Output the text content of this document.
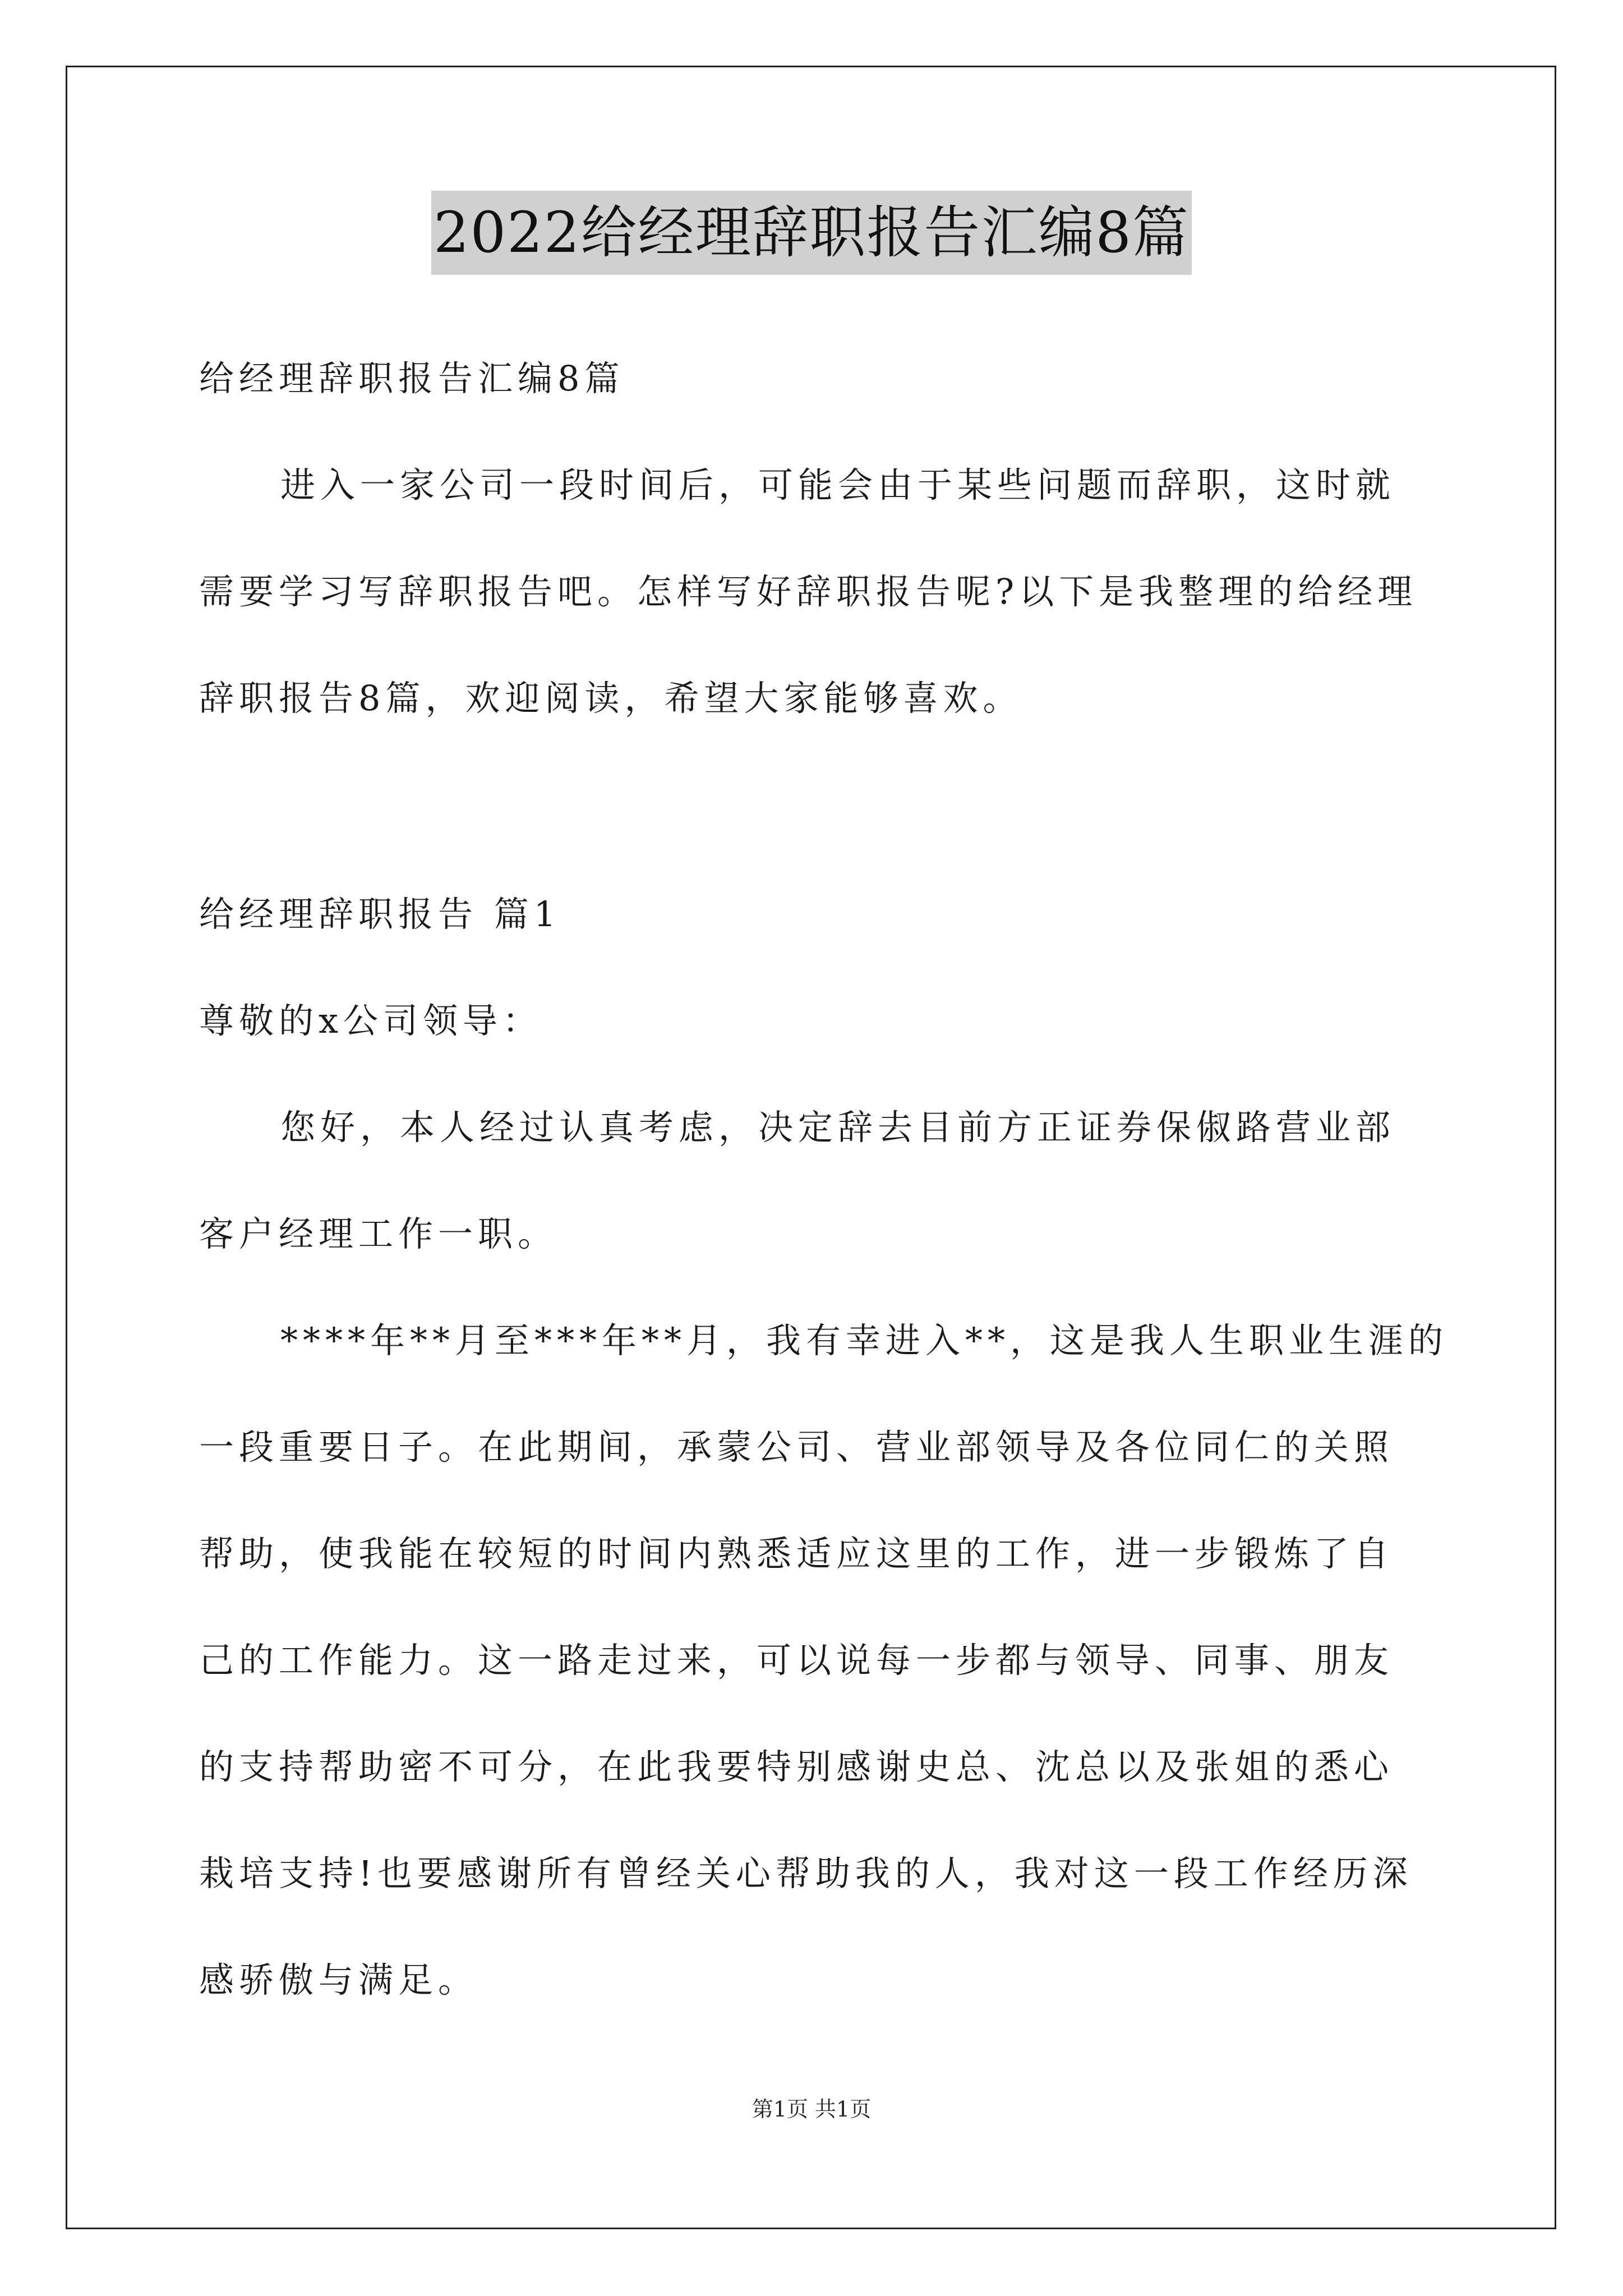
2022给经理辞职报告汇编8篇
给经理辞职报告汇编8篇
进入一家公司一段时间后，可能会由于某些问题而辞职，这时就
需要学习写辞职报告吧。怎样写好辞职报告呢?以下是我整理的给经理
辞职报告8篇，欢迎阅读，希望大家能够喜欢。
给经理辞职报告 篇1
尊敬的x公司领导：
您好，本人经过认真考虑，决定辞去目前方正证券保俶路营业部
客户经理工作一职。
****年**月至***年**月，我有幸进入**，这是我人生职业生涯的
一段重要日子。在此期间，承蒙公司、营业部领导及各位同仁的关照
帮助，使我能在较短的时间内熟悉适应这里的工作，进一步锻炼了自
己的工作能力。这一路走过来，可以说每一步都与领导、同事、朋友
的支持帮助密不可分，在此我要特别感谢史总、沈总以及张姐的悉心
栽培支持!也要感谢所有曾经关心帮助我的人，我对这一段工作经历深
感骄傲与满足。
第1页 共1页
